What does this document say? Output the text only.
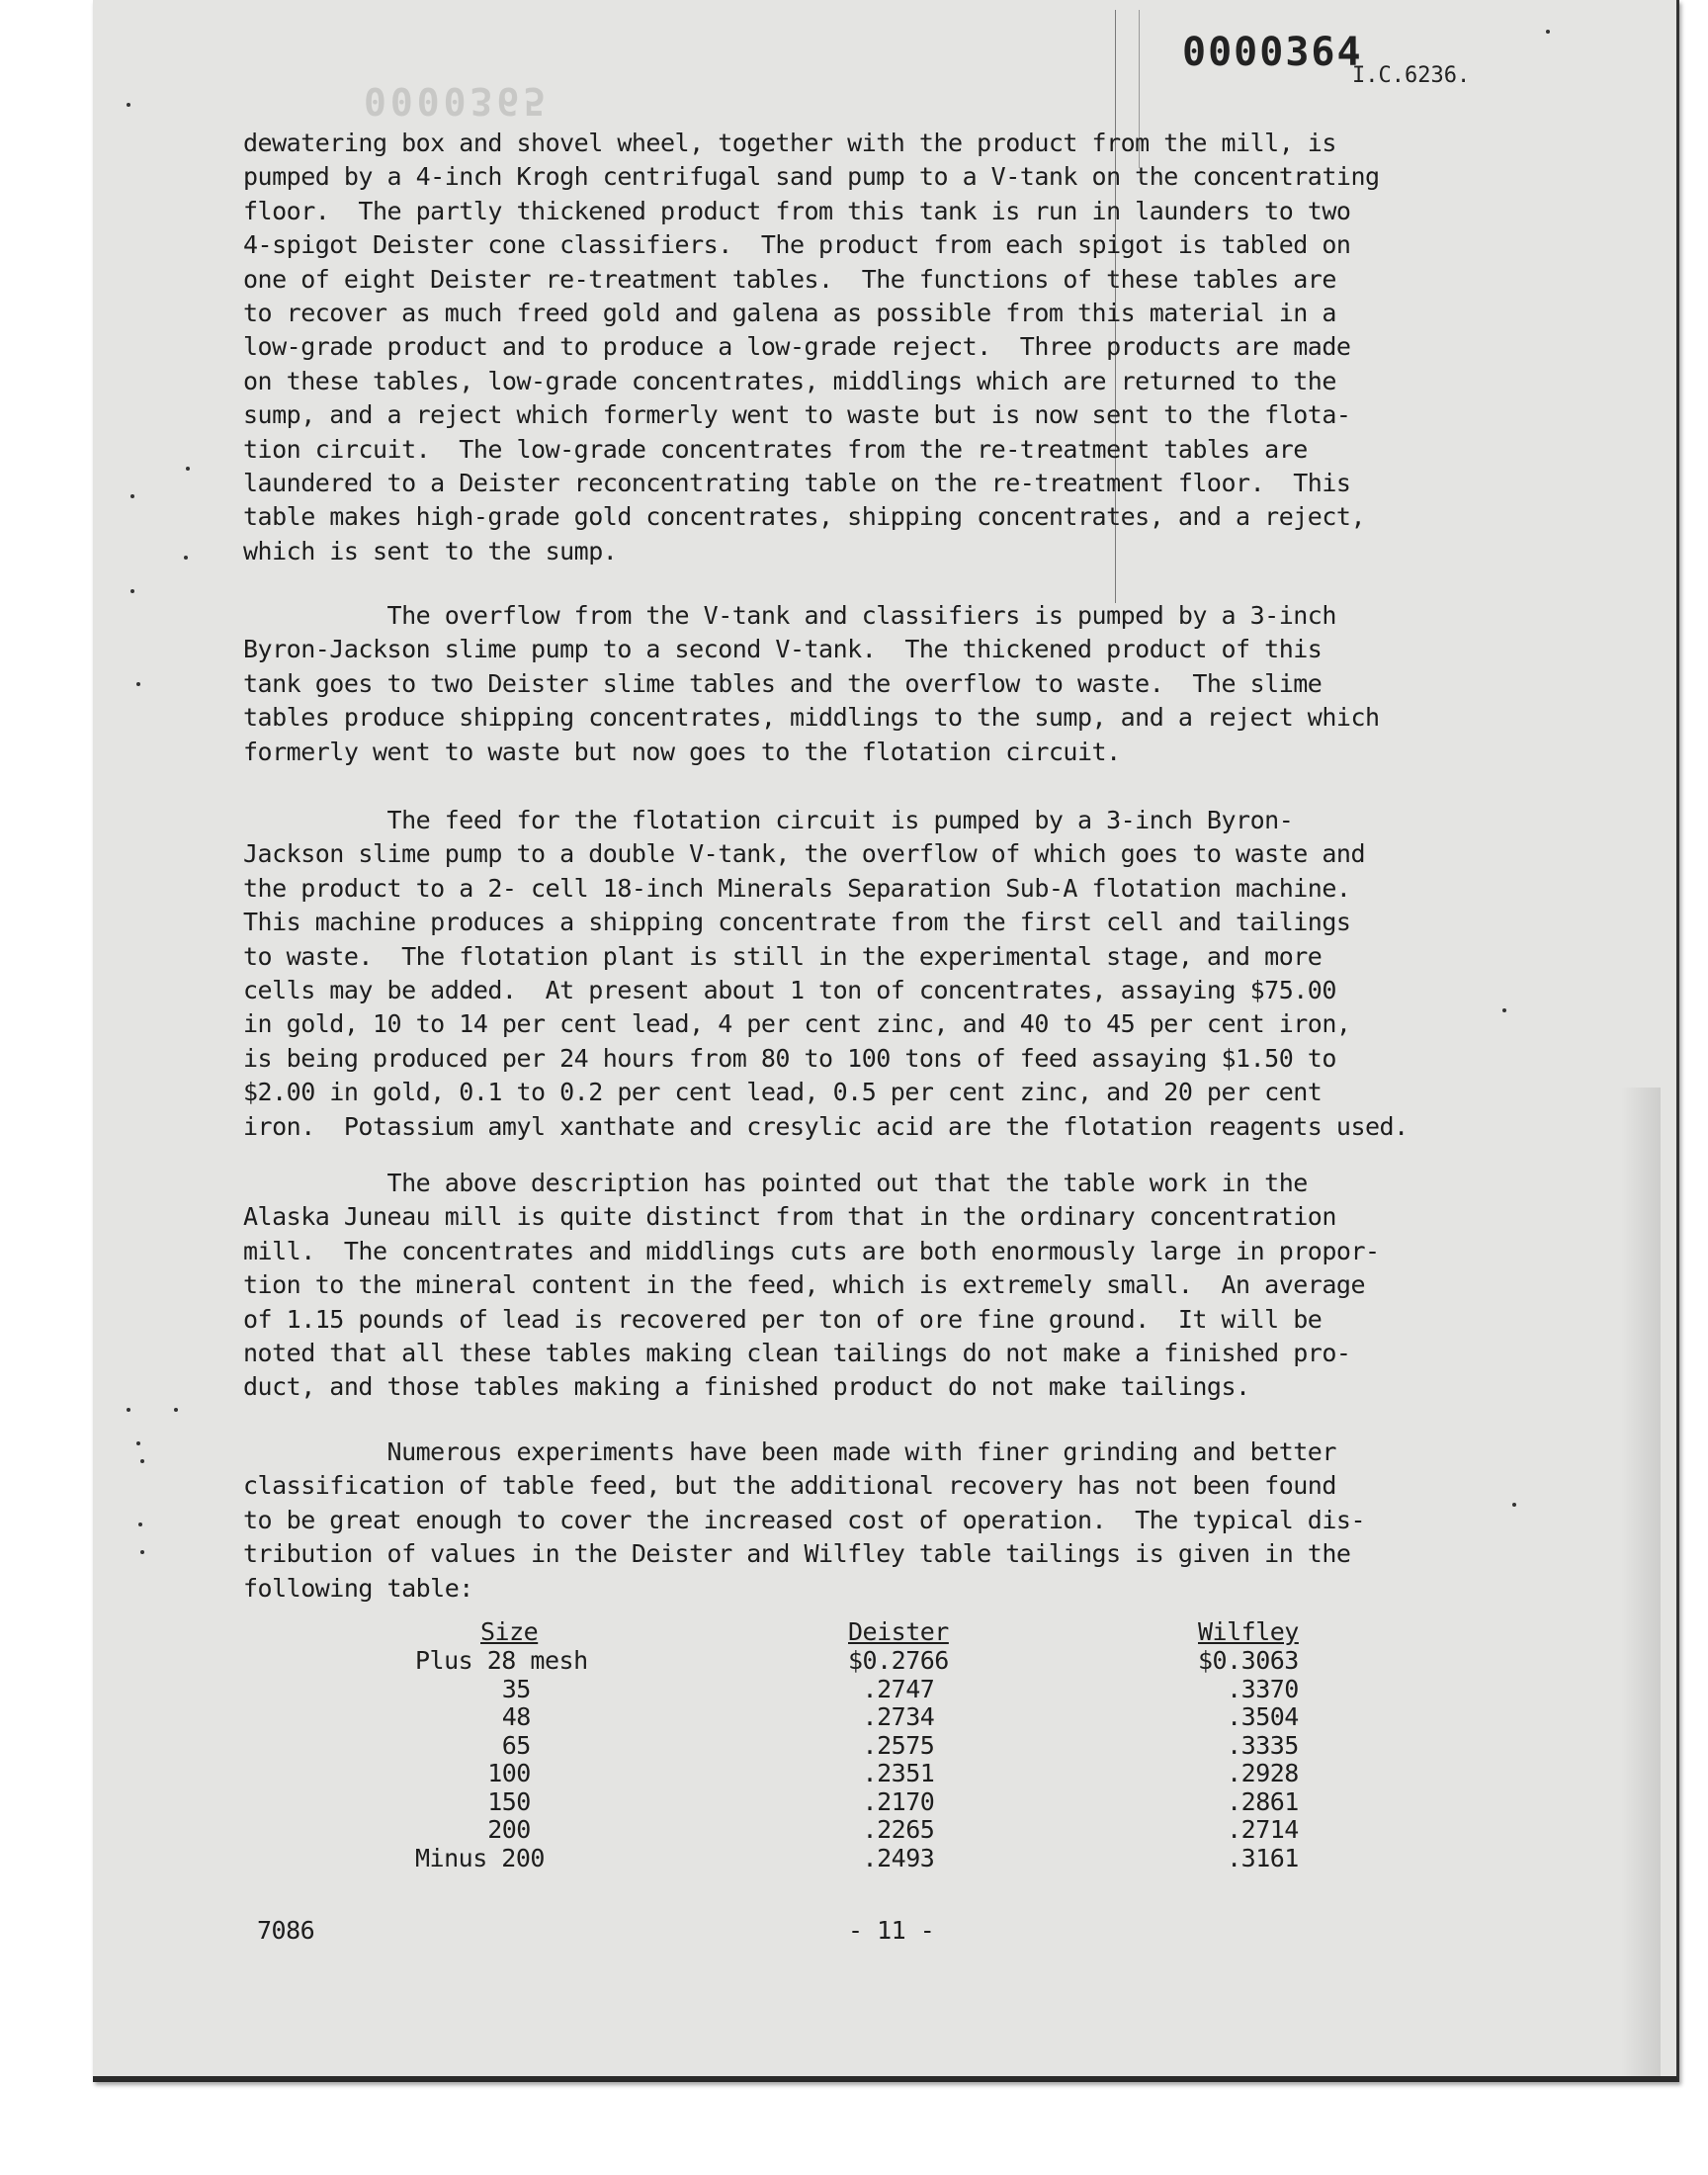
0000365
0000364
I.C.6236.
dewatering box and shovel wheel, together with the product from the mill, is
pumped by a 4-inch Krogh centrifugal sand pump to a V-tank on the concentrating
floor.  The partly thickened product from this tank is run in launders to two
4-spigot Deister cone classifiers.  The product from each spigot is tabled on
one of eight Deister re-treatment tables.  The functions of these tables are
to recover as much freed gold and galena as possible from this material in a
low-grade product and to produce a low-grade reject.  Three products are made
on these tables, low-grade concentrates, middlings which are returned to the
sump, and a reject which formerly went to waste but is now sent to the flota-
tion circuit.  The low-grade concentrates from the re-treatment tables are
laundered to a Deister reconcentrating table on the re-treatment floor.  This
table makes high-grade gold concentrates, shipping concentrates, and a reject,
which is sent to the sump.
The overflow from the V-tank and classifiers is pumped by a 3-inch
Byron-Jackson slime pump to a second V-tank.  The thickened product of this
tank goes to two Deister slime tables and the overflow to waste.  The slime
tables produce shipping concentrates, middlings to the sump, and a reject which
formerly went to waste but now goes to the flotation circuit.
The feed for the flotation circuit is pumped by a 3-inch Byron-
Jackson slime pump to a double V-tank, the overflow of which goes to waste and
the product to a 2- cell 18-inch Minerals Separation Sub-A flotation machine.
This machine produces a shipping concentrate from the first cell and tailings
to waste.  The flotation plant is still in the experimental stage, and more
cells may be added.  At present about 1 ton of concentrates, assaying $75.00
in gold, 10 to 14 per cent lead, 4 per cent zinc, and 40 to 45 per cent iron,
is being produced per 24 hours from 80 to 100 tons of feed assaying $1.50 to
$2.00 in gold, 0.1 to 0.2 per cent lead, 0.5 per cent zinc, and 20 per cent
iron.  Potassium amyl xanthate and cresylic acid are the flotation reagents used.
The above description has pointed out that the table work in the
Alaska Juneau mill is quite distinct from that in the ordinary concentration
mill.  The concentrates and middlings cuts are both enormously large in propor-
tion to the mineral content in the feed, which is extremely small.  An average
of 1.15 pounds of lead is recovered per ton of ore fine ground.  It will be
noted that all these tables making clean tailings do not make a finished pro-
duct, and those tables making a finished product do not make tailings.
Numerous experiments have been made with finer grinding and better
classification of table feed, but the additional recovery has not been found
to be great enough to cover the increased cost of operation.  The typical dis-
tribution of values in the Deister and Wilfley table tailings is given in the
following table:
Size
Plus 28 mesh
35
48
65
100
150
200
Minus 200
Deister
$0.2766
.2747
.2734
.2575
.2351
.2170
.2265
.2493
Wilfley
$0.3063
.3370
.3504
.3335
.2928
.2861
.2714
.3161
7086	- 11 -
